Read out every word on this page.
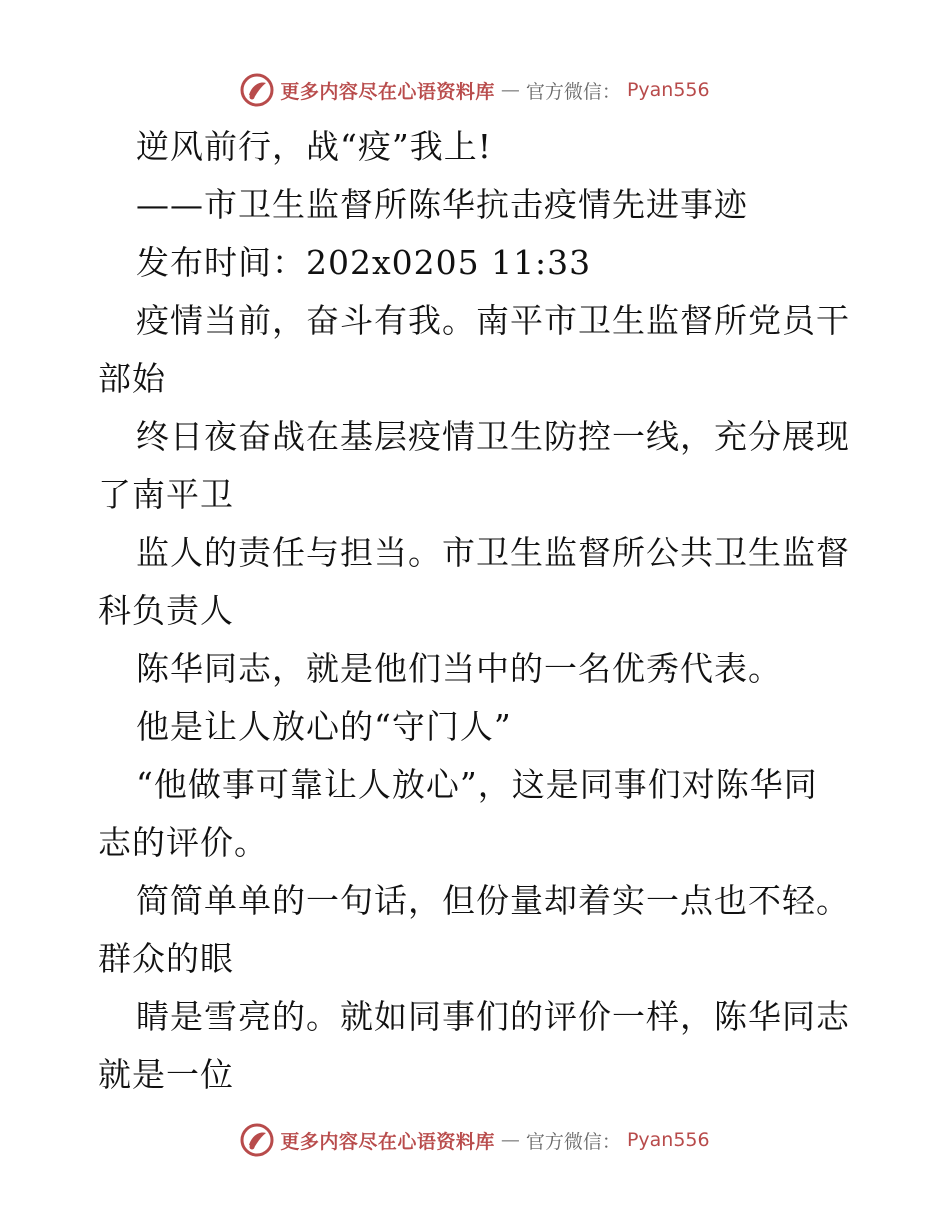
更多内容尽在心语资料库 — 官方微信： Pyan556
逆风前行，战“疫”我上!
——市卫生监督所陈华抗击疫情先进事迹
发布时间：202x0205 11:33
疫情当前，奋斗有我。南平市卫生监督所党员干
部始
终日夜奋战在基层疫情卫生防控一线，充分展现
了南平卫
监人的责任与担当。市卫生监督所公共卫生监督
科负责人
陈华同志，就是他们当中的一名优秀代表。
他是让人放心的“守门人”
“他做事可靠让人放心”，这是同事们对陈华同
志的评价。
简简单单的一句话，但份量却着实一点也不轻。
群众的眼
睛是雪亮的。就如同事们的评价一样，陈华同志
就是一位
更多内容尽在心语资料库 — 官方微信： Pyan556
